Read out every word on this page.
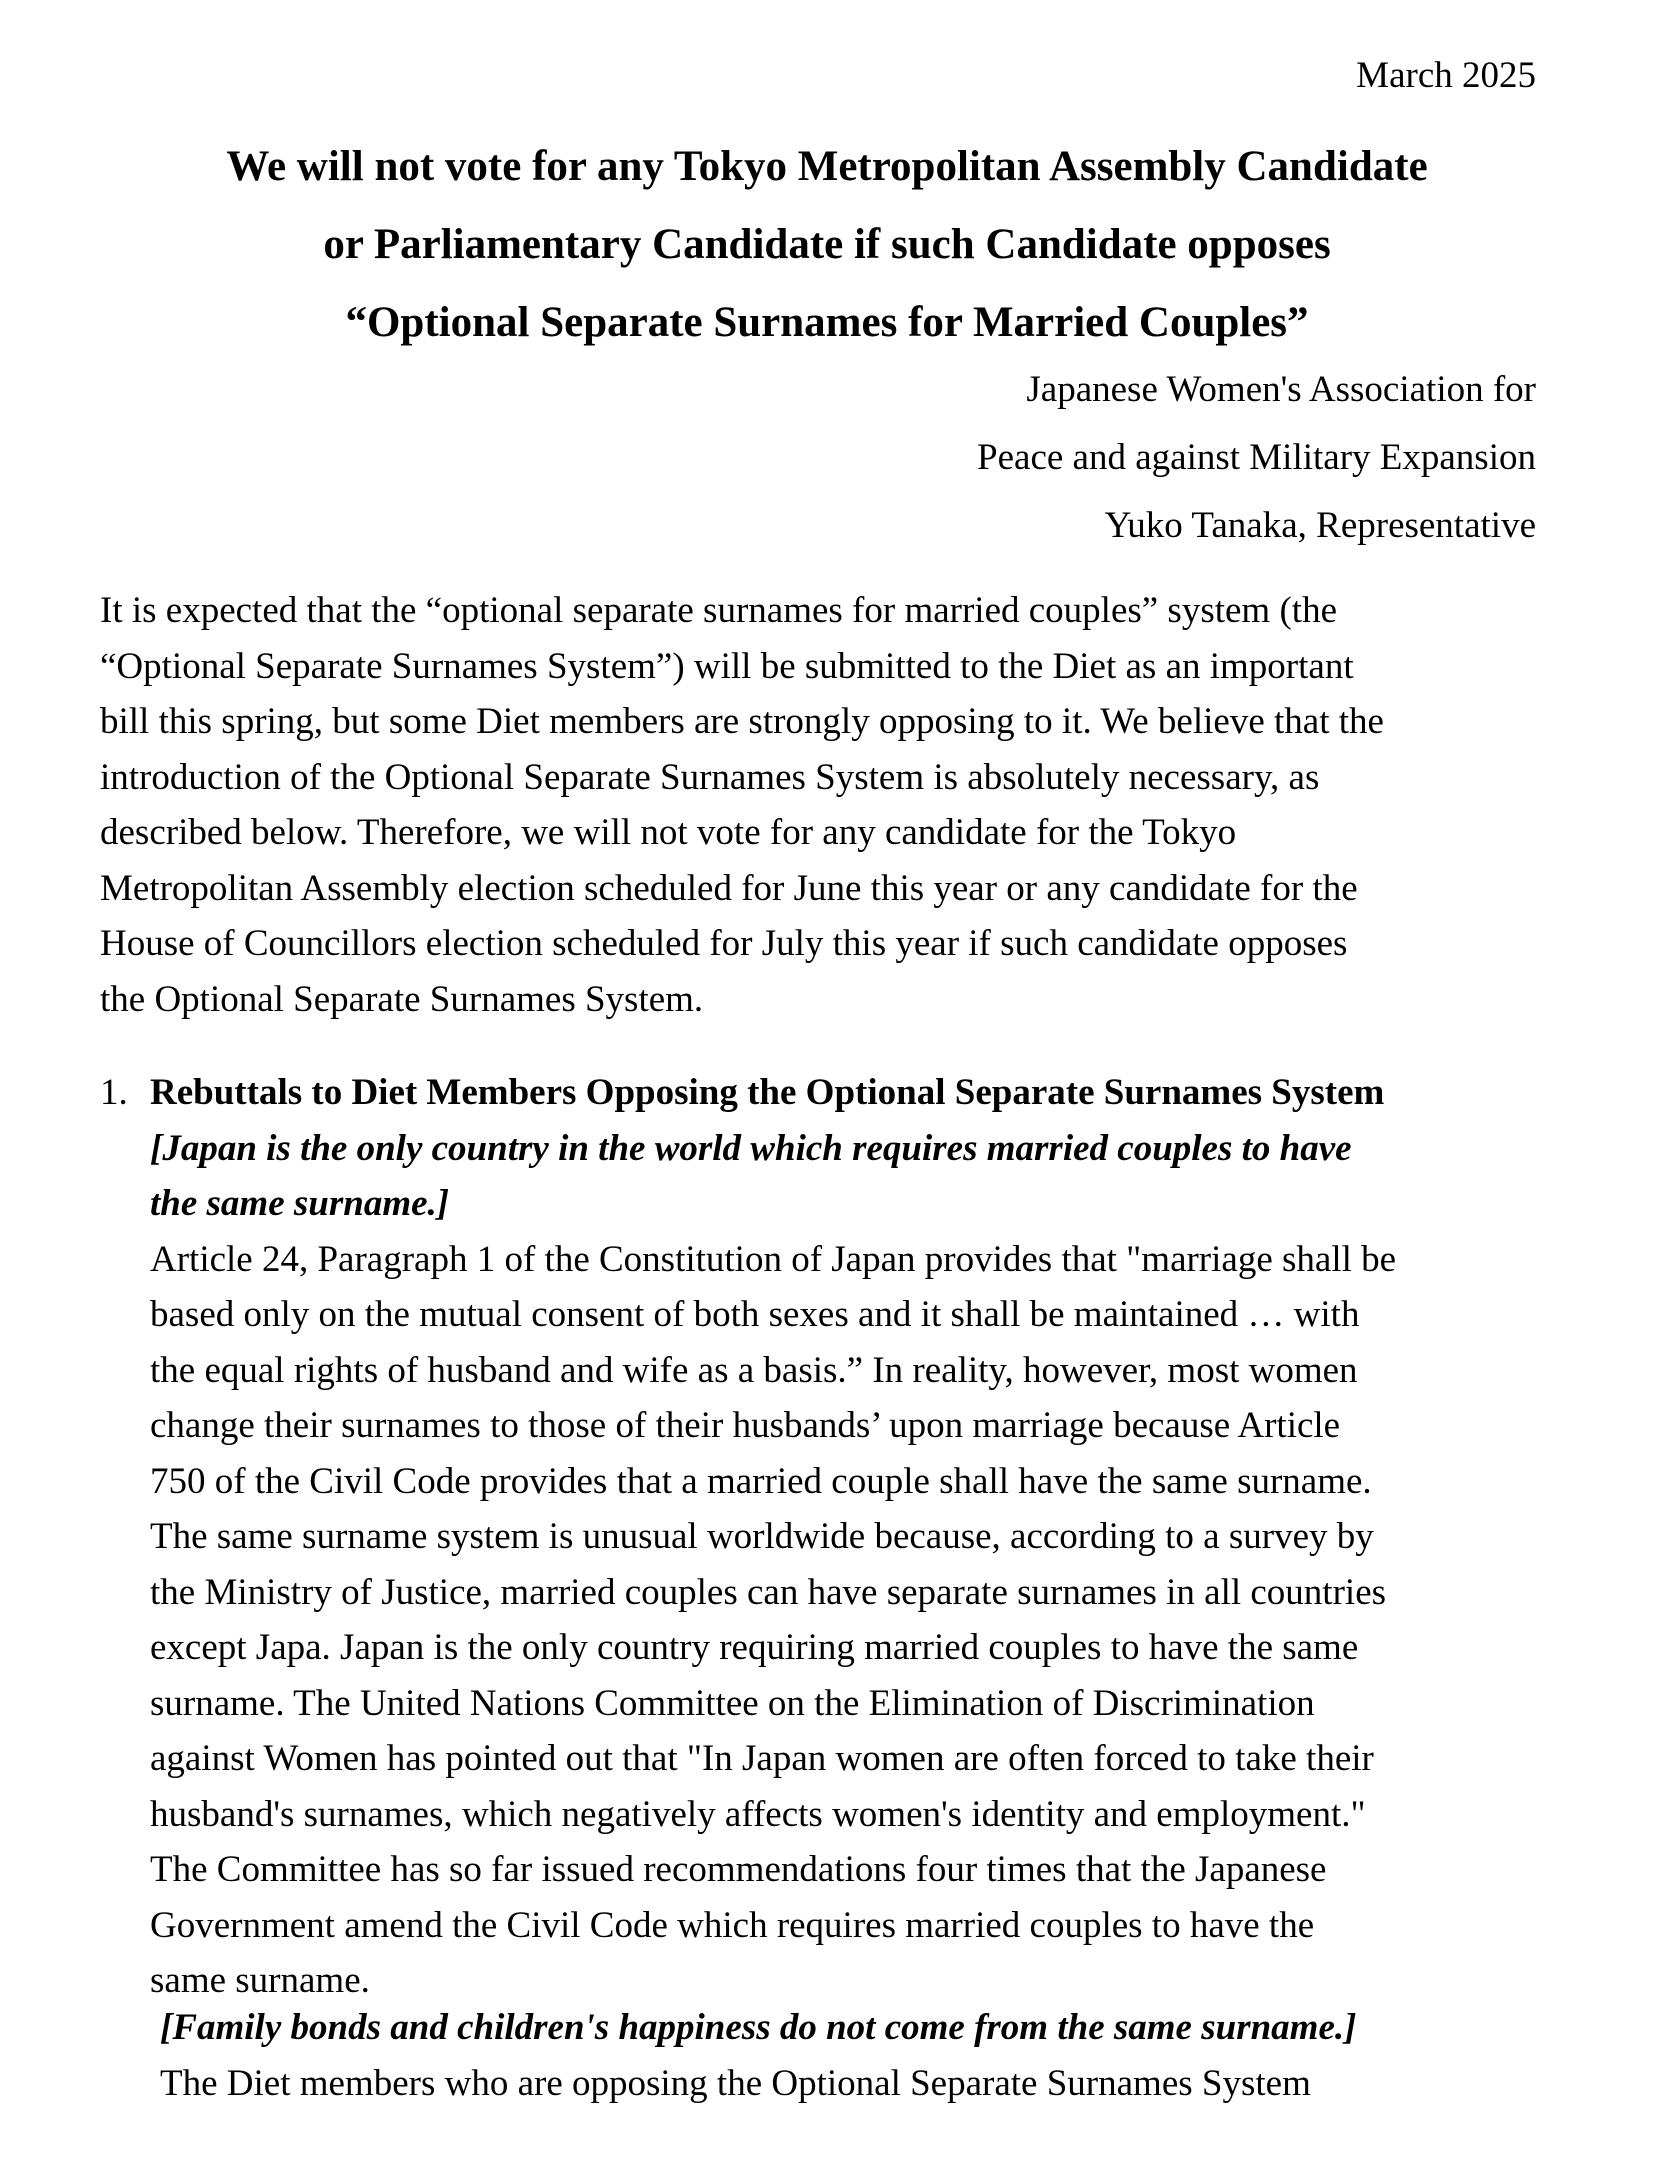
March 2025
We will not vote for any Tokyo Metropolitan Assembly Candidate
or Parliamentary Candidate if such Candidate opposes
“Optional Separate Surnames for Married Couples”
Japanese Women's Association for
Peace and against Military Expansion
Yuko Tanaka, Representative
It is expected that the “optional separate surnames for married couples” system (the
“Optional Separate Surnames System”) will be submitted to the Diet as an important
bill this spring, but some Diet members are strongly opposing to it. We believe that the
introduction of the Optional Separate Surnames System is absolutely necessary, as
described below. Therefore, we will not vote for any candidate for the Tokyo
Metropolitan Assembly election scheduled for June this year or any candidate for the
House of Councillors election scheduled for July this year if such candidate opposes
the Optional Separate Surnames System.
1. Rebuttals to Diet Members Opposing the Optional Separate Surnames System
[Japan is the only country in the world which requires married couples to have
the same surname.]
Article 24, Paragraph 1 of the Constitution of Japan provides that "marriage shall be
based only on the mutual consent of both sexes and it shall be maintained … with
the equal rights of husband and wife as a basis.” In reality, however, most women
change their surnames to those of their husbands’ upon marriage because Article
750 of the Civil Code provides that a married couple shall have the same surname.
The same surname system is unusual worldwide because, according to a survey by
the Ministry of Justice, married couples can have separate surnames in all countries
except Japa. Japan is the only country requiring married couples to have the same
surname. The United Nations Committee on the Elimination of Discrimination
against Women has pointed out that "In Japan women are often forced to take their
husband's surnames, which negatively affects women's identity and employment."
The Committee has so far issued recommendations four times that the Japanese
Government amend the Civil Code which requires married couples to have the
same surname.
[Family bonds and children's happiness do not come from the same surname.]
The Diet members who are opposing the Optional Separate Surnames System
